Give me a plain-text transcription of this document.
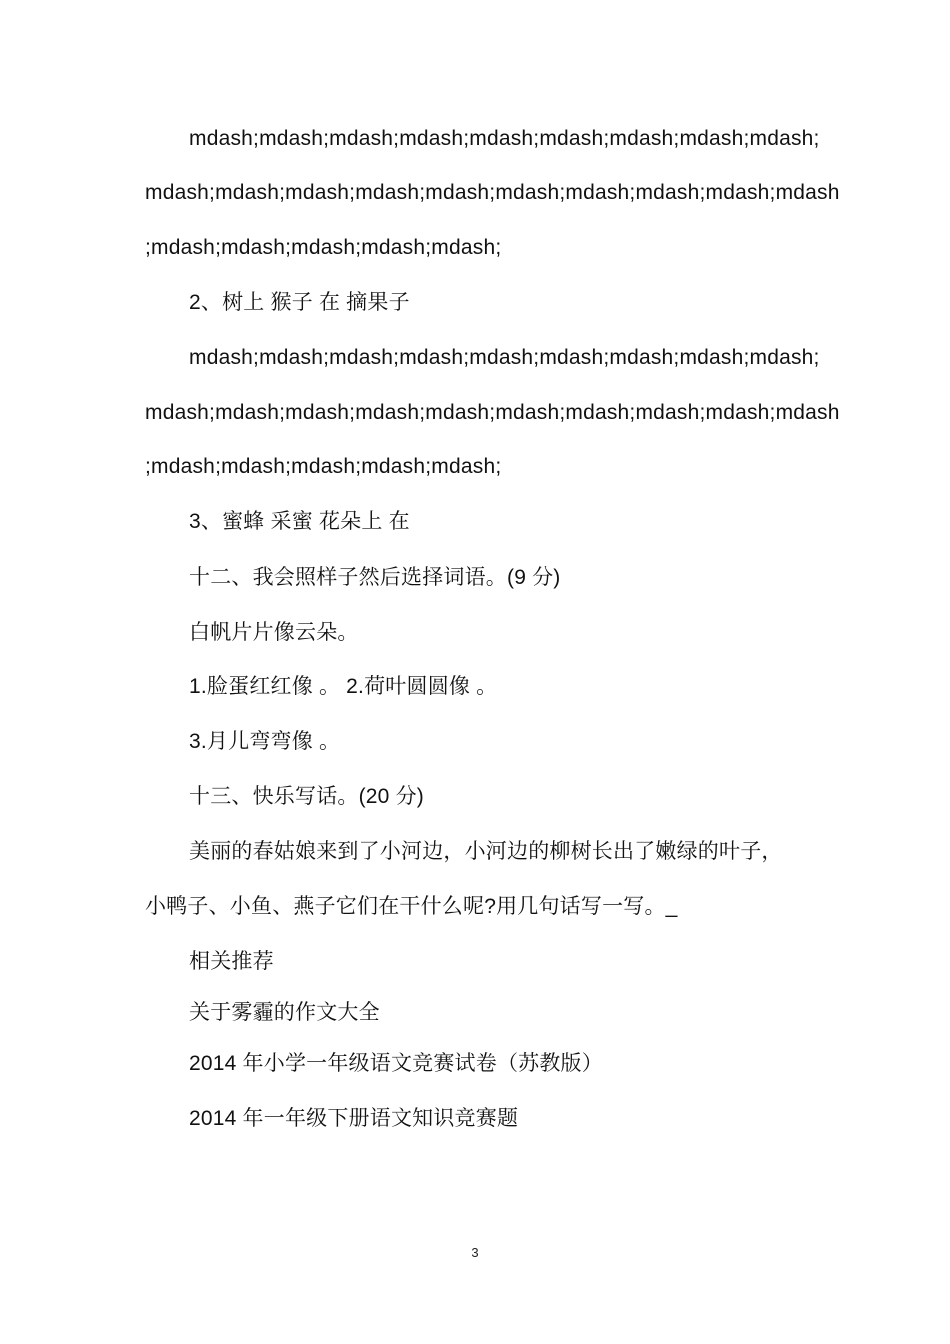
mdash;mdash;mdash;mdash;mdash;mdash;mdash;mdash;mdash;
mdash;mdash;mdash;mdash;mdash;mdash;mdash;mdash;mdash;mdash
;mdash;mdash;mdash;mdash;mdash;
2、树上 猴子 在 摘果子
mdash;mdash;mdash;mdash;mdash;mdash;mdash;mdash;mdash;
mdash;mdash;mdash;mdash;mdash;mdash;mdash;mdash;mdash;mdash
;mdash;mdash;mdash;mdash;mdash;
3、蜜蜂 采蜜 花朵上 在
十二、我会照样子然后选择词语。(9 分)
白帆片片像云朵。
1.脸蛋红红像 。 2.荷叶圆圆像 。
3.月儿弯弯像 。
十三、快乐写话。(20 分)
美丽的春姑娘来到了小河边，小河边的柳树长出了嫩绿的叶子，
小鸭子、小鱼、燕子它们在干什么呢?用几句话写一写。_
相关推荐
关于雾霾的作文大全
2014 年小学一年级语文竞赛试卷（苏教版）
2014 年一年级下册语文知识竞赛题
3
